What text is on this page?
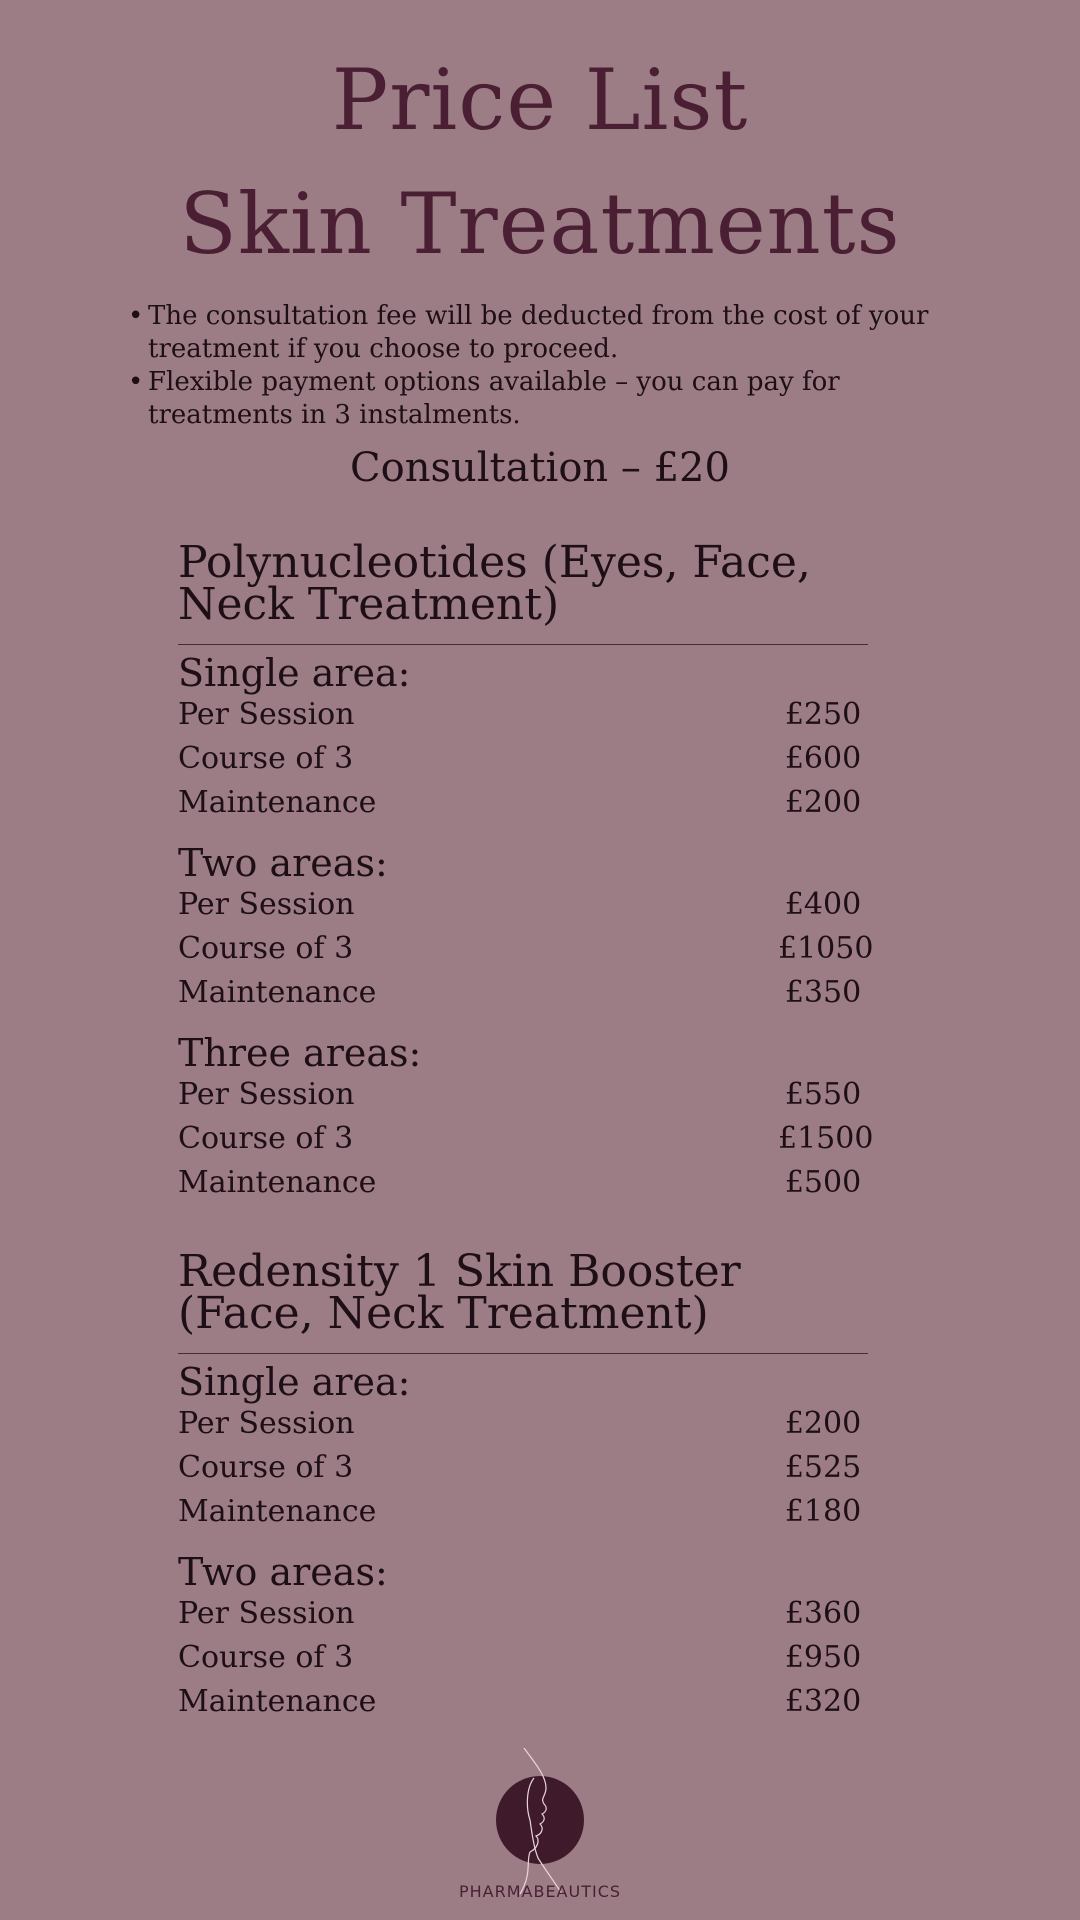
Price List
Skin Treatments
• The consultation fee will be deducted from the cost of your treatment if you choose to proceed.
• Flexible payment options available – you can pay for treatments in 3 instalments.
Consultation – £20
Polynucleotides (Eyes, Face, Neck Treatment)
Single area:
Per Session	£250
Course of 3	£600
Maintenance	£200
Two areas:
Per Session	£400
Course of 3	£1050
Maintenance	£350
Three areas:
Per Session	£550
Course of 3	£1500
Maintenance	£500
Redensity 1 Skin Booster (Face, Neck Treatment)
Single area:
Per Session	£200
Course of 3	£525
Maintenance	£180
Two areas:
Per Session	£360
Course of 3	£950
Maintenance	£320
PHARMABEAUTICS
